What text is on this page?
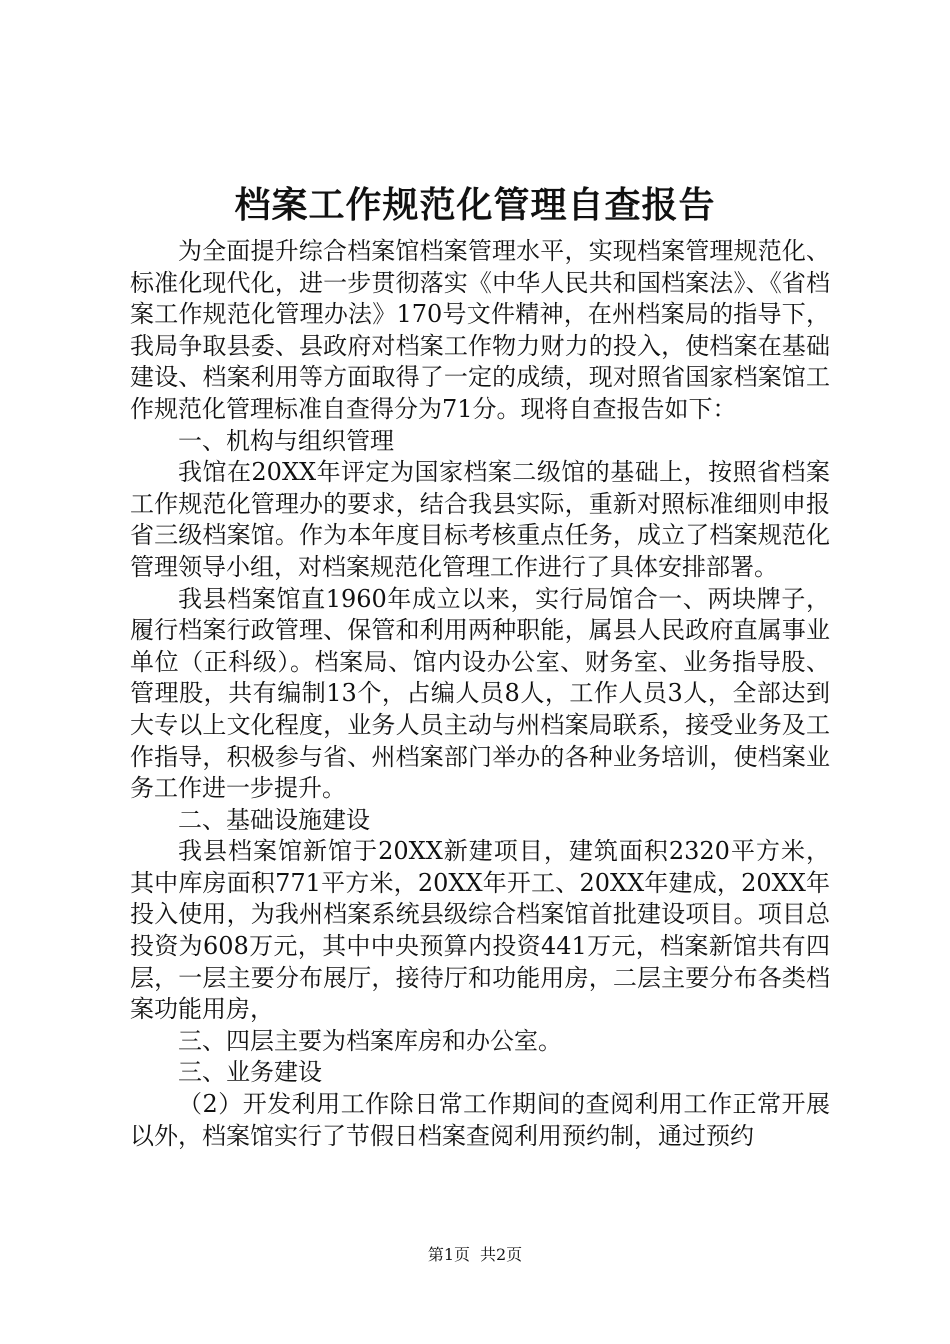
档案工作规范化管理自查报告

为全面提升综合档案馆档案管理水平，实现档案管理规范化、标准化现代化，进一步贯彻落实《中华人民共和国档案法》、《省档案工作规范化管理办法》170号文件精神，在州档案局的指导下，我局争取县委、县政府对档案工作物力财力的投入，使档案在基础建设、档案利用等方面取得了一定的成绩，现对照省国家档案馆工作规范化管理标准自查得分为71分。现将自查报告如下：

一、机构与组织管理

我馆在20XX年评定为国家档案二级馆的基础上，按照省档案工作规范化管理办的要求，结合我县实际，重新对照标准细则申报省三级档案馆。作为本年度目标考核重点任务，成立了档案规范化管理领导小组，对档案规范化管理工作进行了具体安排部署。

我县档案馆直1960年成立以来，实行局馆合一、两块牌子，履行档案行政管理、保管和利用两种职能，属县人民政府直属事业单位（正科级）。档案局、馆内设办公室、财务室、业务指导股、管理股，共有编制13个，占编人员8人，工作人员3人，全部达到大专以上文化程度，业务人员主动与州档案局联系，接受业务及工作指导，积极参与省、州档案部门举办的各种业务培训，使档案业务工作进一步提升。

二、基础设施建设

我县档案馆新馆于20XX新建项目，建筑面积2320平方米，其中库房面积771平方米，20XX年开工、20XX年建成，20XX年投入使用，为我州档案系统县级综合档案馆首批建设项目。项目总投资为608万元，其中中央预算内投资441万元，档案新馆共有四层，一层主要分布展厅，接待厅和功能用房，二层主要分布各类档案功能用房，

三、四层主要为档案库房和办公室。

三、业务建设

（2）开发利用工作除日常工作期间的查阅利用工作正常开展以外，档案馆实行了节假日档案查阅利用预约制，通过预约

第1页 共2页
